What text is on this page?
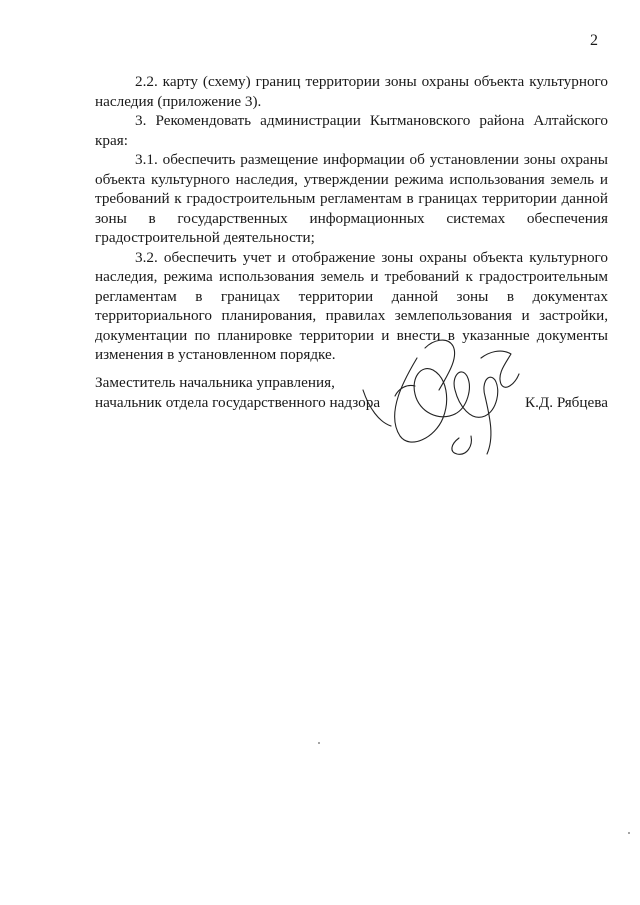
2

2.2. карту (схему) границ территории зоны охраны объекта культурного наследия (приложение 3).

3. Рекомендовать администрации Кытмановского района Алтайского края:

3.1. обеспечить размещение информации об установлении зоны охраны объекта культурного наследия, утверждении режима использования земель и требований к градостроительным регламентам в границах территории данной зоны в государственных информационных системах обеспечения градостроительной деятельности;

3.2. обеспечить учет и отображение зоны охраны объекта культурного наследия, режима использования земель и требований к градостроительным регламентам в границах территории данной зоны в документах территориального планирования, правилах землепользования и застройки, документации по планировке территории и внести в указанные документы изменения в установленном порядке.

Заместитель начальника управления,
начальник отдела государственного надзора	К.Д. Рябцева
